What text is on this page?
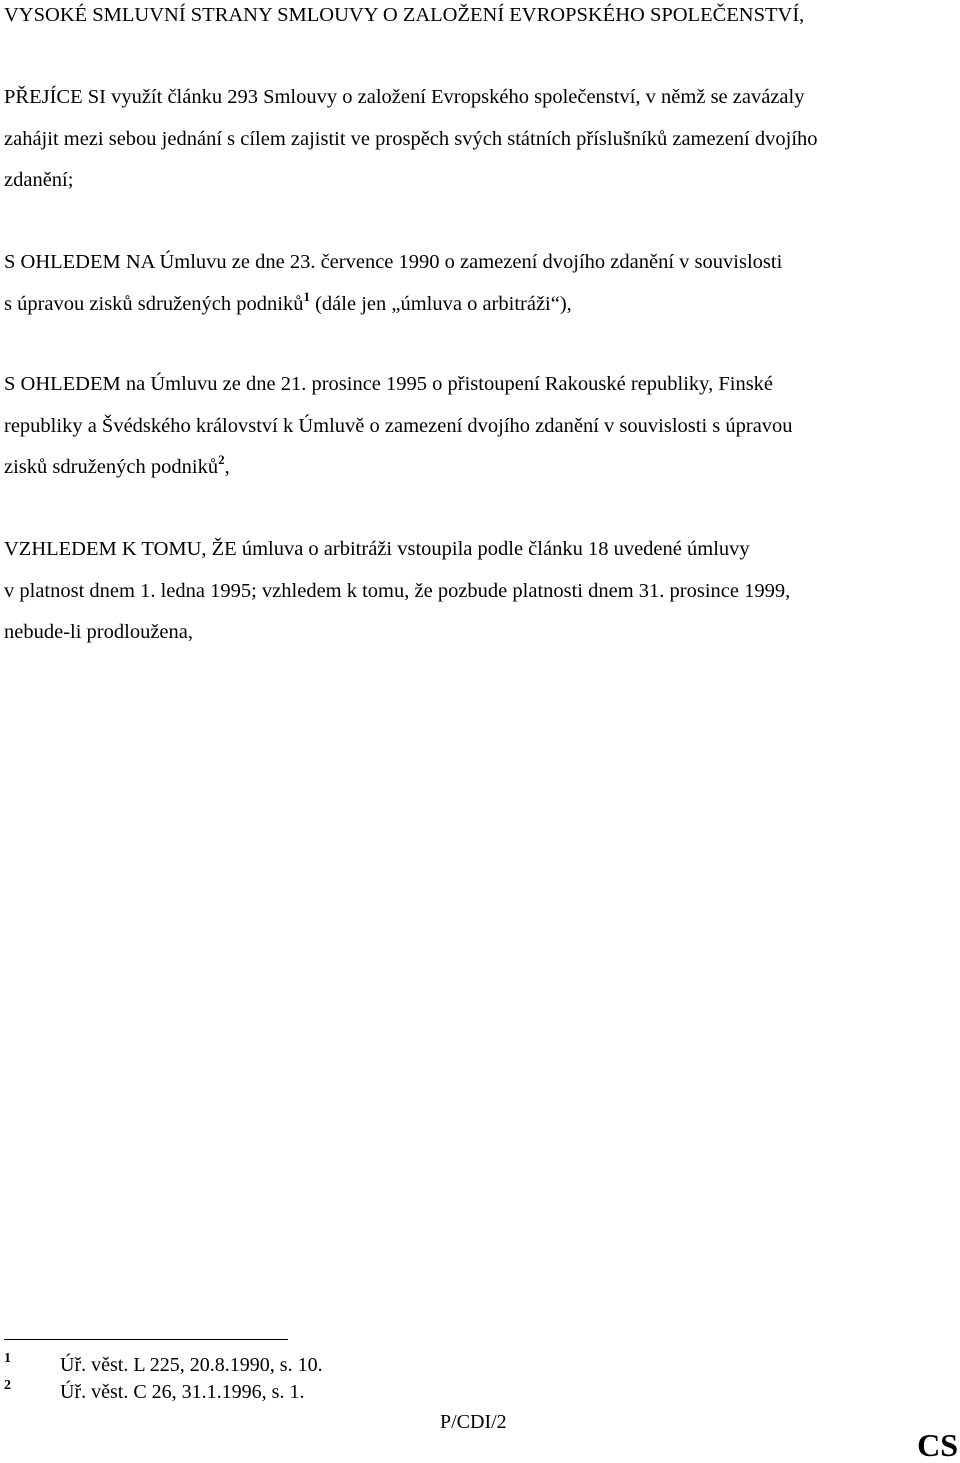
VYSOKÉ SMLUVNÍ STRANY SMLOUVY O ZALOŽENÍ EVROPSKÉHO SPOLEČENSTVÍ,

PŘEJÍCE SI využít článku 293 Smlouvy o založení Evropského společenství, v němž se zavázaly
zahájit mezi sebou jednání s cílem zajistit ve prospěch svých státních příslušníků zamezení dvojího
zdanění;

S OHLEDEM NA Úmluvu ze dne 23. července 1990 o zamezení dvojího zdanění v souvislosti
s úpravou zisků sdružených podniků$^1$ (dále jen „úmluva o arbitráži“),

S OHLEDEM na Úmluvu ze dne 21. prosince 1995 o přistoupení Rakouské republiky, Finské
republiky a Švédského království k Úmluvě o zamezení dvojího zdanění v souvislosti s úpravou
zisků sdružených podniků$^2$,

VZHLEDEM K TOMU, ŽE úmluva o arbitráži vstoupila podle článku 18 uvedené úmluvy
v platnost dnem 1. ledna 1995; vzhledem k tomu, že pozbude platnosti dnem 31. prosince 1999,
nebude-li prodloužena,

1 Úř. věst. L 225, 20.8.1990, s. 10.
2 Úř. věst. C 26, 31.1.1996, s. 1.
P/CDI/2
CS
